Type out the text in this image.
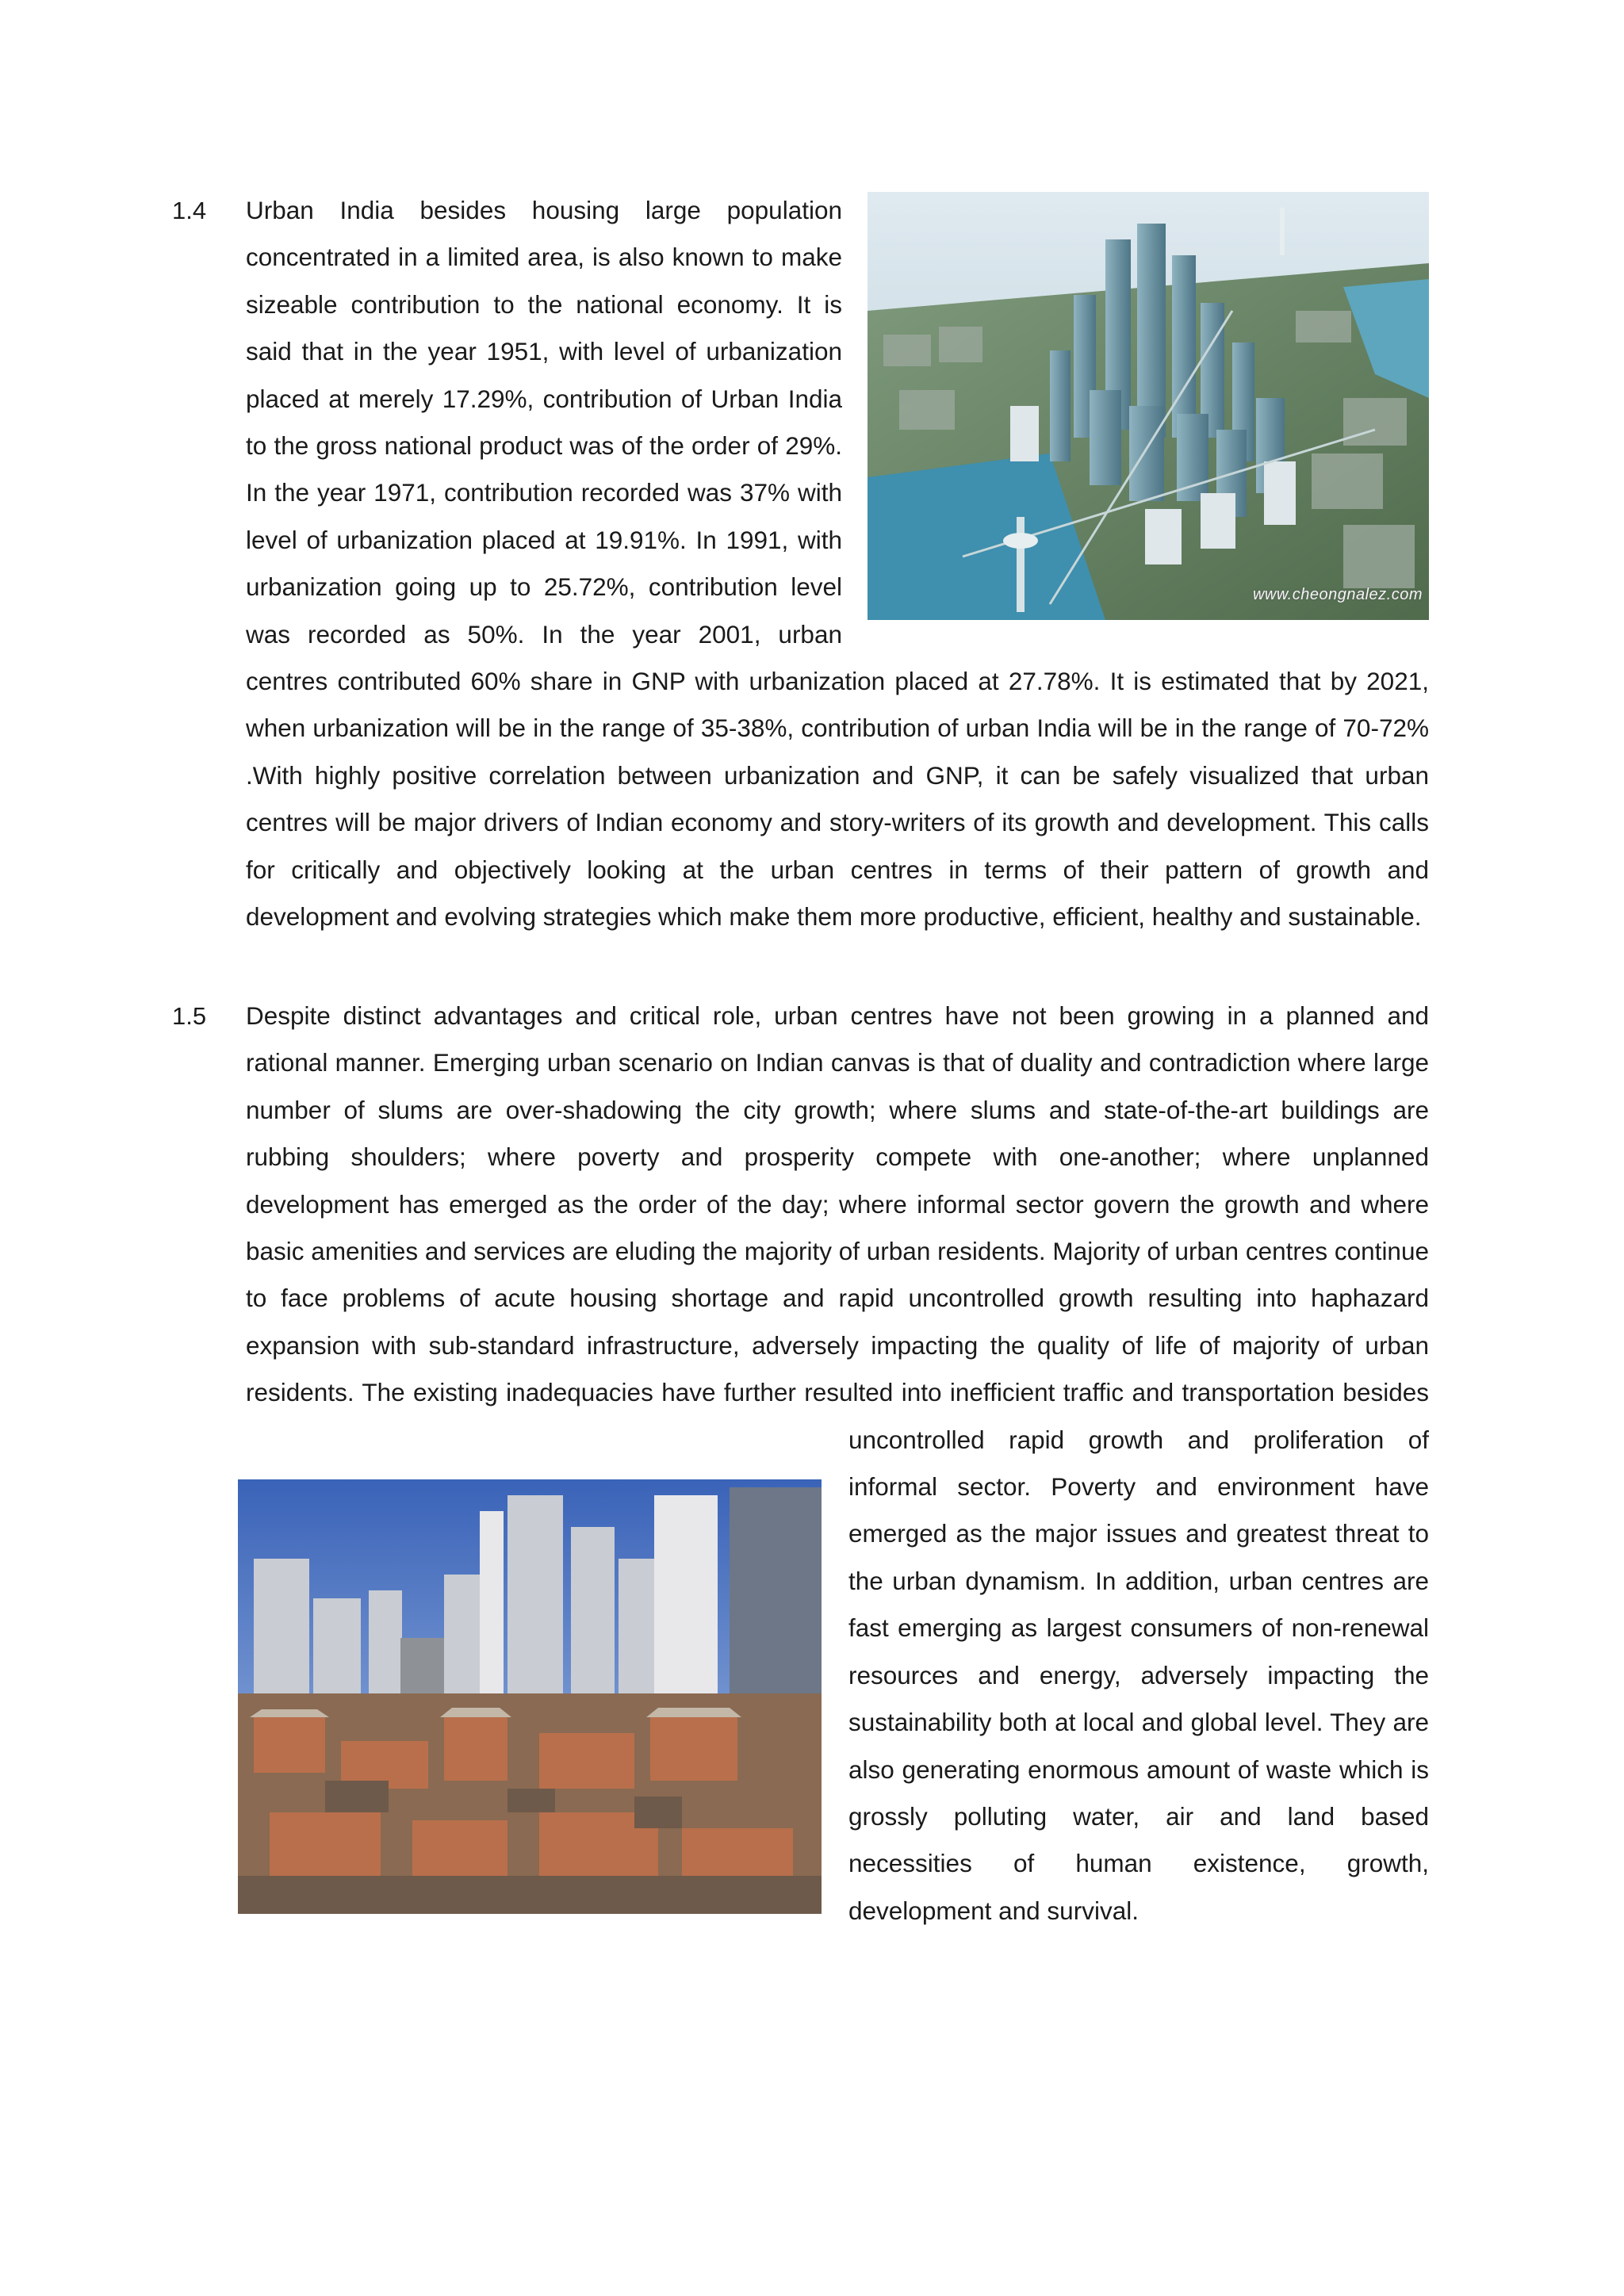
1.4
www.cheongnalez.com
Urban India besides housing large population concentrated in a limited area, is also known to make sizeable contribution to the national economy. It is said that in the year 1951, with level of urbanization placed at merely 17.29%, contribution of Urban India to the gross national product was of the order of 29%. In the year 1971, contribution recorded was 37% with level of urbanization placed at 19.91%. In 1991, with urbanization going up to 25.72%, contribution level was recorded as 50%. In the year 2001, urban centres contributed 60% share in GNP with urbanization placed at 27.78%. It is estimated that by 2021, when urbanization will be in the range of 35-38%, contribution of urban India will be in the range of 70-72% .With highly positive correlation between urbanization and GNP, it can be safely visualized that urban centres will be major drivers of Indian economy and story-writers of its growth and development. This calls for critically and objectively looking at the urban centres in terms of their pattern of growth and development and evolving strategies which make them more productive, efficient, healthy and sustainable.
1.5 Despite distinct advantages and critical role, urban centres have not been growing in a planned and rational manner. Emerging urban scenario on Indian canvas is that of duality and contradiction where large number of slums are over-shadowing the city growth; where slums and state-of-the-art buildings are rubbing shoulders; where poverty and prosperity compete with one-another; where unplanned development has emerged as the order of the day; where informal sector govern the growth and where basic amenities and services are eluding the majority of urban residents. Majority of urban centres continue to face problems of acute housing shortage and rapid uncontrolled growth resulting into haphazard expansion with sub-standard infrastructure, adversely impacting the quality of life of majority of urban residents. The existing inadequacies have further resulted into inefficient traffic and transportation besides uncontrolled rapid growth and proliferation of informal sector. Poverty and environment have emerged as the major issues and greatest threat to the urban dynamism. In addition, urban centres are fast emerging as largest consumers of non-renewal resources and energy, adversely impacting the sustainability both at local and global level. They are also generating enormous amount of waste which is grossly polluting water, air and land based necessities of human existence, growth, development and survival.
